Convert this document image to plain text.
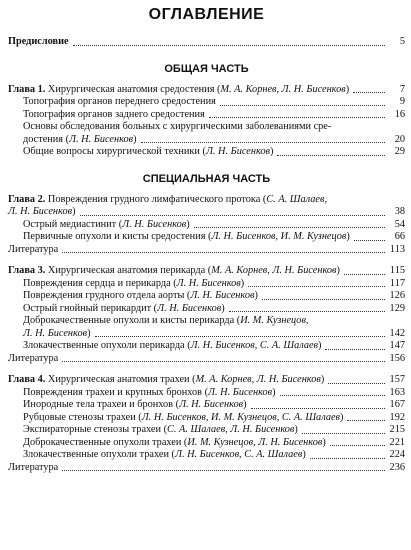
ОГЛАВЛЕНИЕ
Предисловие	5
ОБЩАЯ ЧАСТЬ
Глава 1. Хирургическая анатомия средостения (М. А. Корнев, Л. Н. Бисенков)	7
Топография органов переднего средостения	9
Топография органов заднего средостения	16
Основы обследования больных с хирургическими заболеваниями сре-
достения (Л. Н. Бисенков)	20
Общие вопросы хирургической техники (Л. Н. Бисенков)	29
СПЕЦИАЛЬНАЯ ЧАСТЬ
Глава 2. Повреждения грудного лимфатического протока (С. А. Шалаев,
Л. Н. Бисенков)	38
Острый медиастинит (Л. Н. Бисенков)	54
Первичные опухоли и кисты средостения (Л. Н. Бисенков, И. М. Кузнецов)	66
Литература	113
Глава 3. Хирургическая анатомия перикарда (М. А. Корнев, Л. Н. Бисенков)	115
Повреждения сердца и перикарда (Л. Н. Бисенков)	117
Повреждения грудного отдела аорты (Л. Н. Бисенков)	126
Острый гнойный перикардит (Л. Н. Бисенков)	129
Доброкачественные опухоли и кисты перикарда (И. М. Кузнецов,
Л. Н. Бисенков)	142
Злокачественные опухоли перикарда (Л. Н. Бисенков, С. А. Шалаев)	147
Литература	156
Глава 4. Хирургическая анатомия трахеи (М. А. Корнев, Л. Н. Бисенков)	157
Повреждения трахеи и крупных бронхов (Л. Н. Бисенков)	163
Инородные тела трахеи и бронхов (Л. Н. Бисенков)	167
Рубцовые стенозы трахеи (Л. Н. Бисенков, И. М. Кузнецов, С. А. Шалаев)	192
Экспираторные стенозы трахеи (С. А. Шалаев, Л. Н. Бисенков)	215
Доброкачественные опухоли трахеи (И. М. Кузнецов, Л. Н. Бисенков)	221
Злокачественные опухоли трахеи (Л. Н. Бисенков, С. А. Шалаев)	224
Литература	236
